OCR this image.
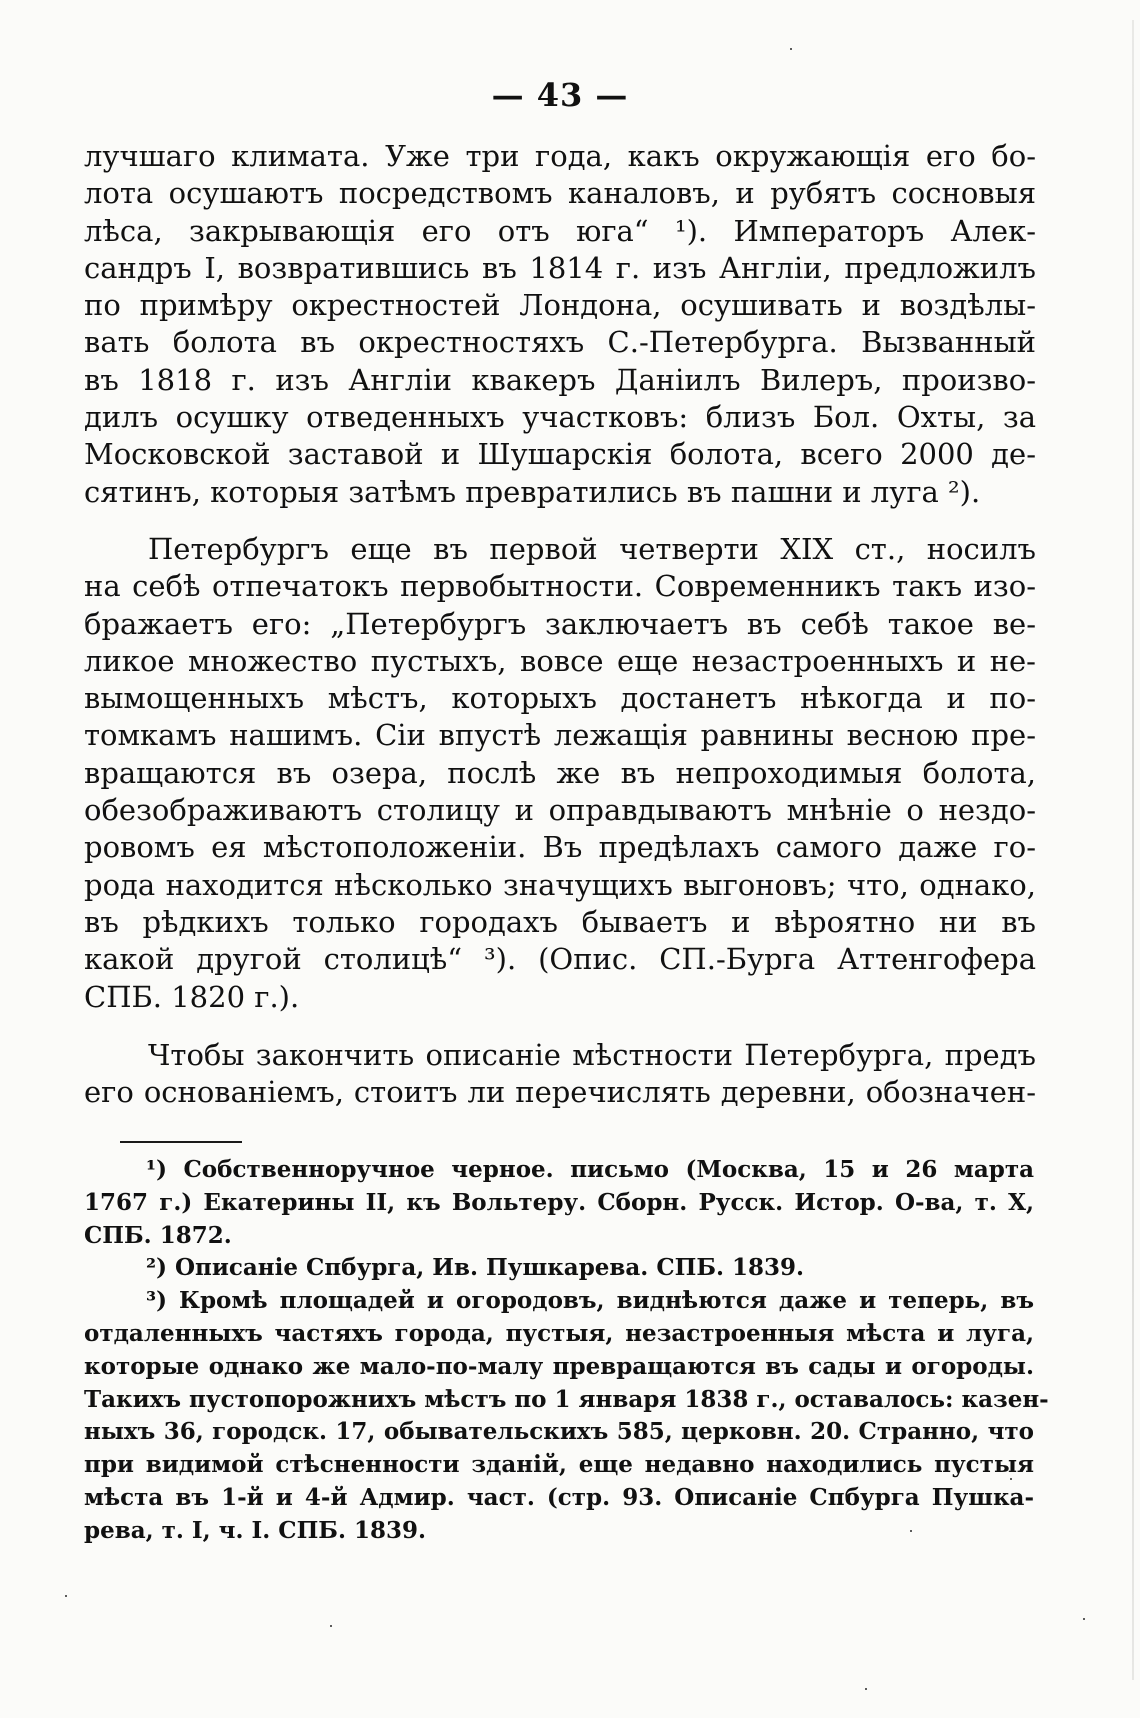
— 43 —
лучшаго климата. Уже три года, какъ окружающія его бо-
лота осушаютъ посредствомъ каналовъ, и рубятъ сосновыя
лѣса, закрывающія его отъ юга“ ¹). Императоръ Алек-
сандръ I, возвратившись въ 1814 г. изъ Англіи, предложилъ
по примѣру окрестностей Лондона, осушивать и воздѣлы-
вать болота въ окрестностяхъ С.-Петербурга. Вызванный
въ 1818 г. изъ Англіи квакеръ Даніилъ Вилеръ, произво-
дилъ осушку отведенныхъ участковъ: близъ Бол. Охты, за
Московской заставой и Шушарскія болота, всего 2000 де-
сятинъ, которыя затѣмъ превратились въ пашни и луга ²).
Петербургъ еще въ первой четверти XIX ст., носилъ
на себѣ отпечатокъ первобытности. Современникъ такъ изо-
бражаетъ его: „Петербургъ заключаетъ въ себѣ такое ве-
ликое множество пустыхъ, вовсе еще незастроенныхъ и не-
вымощенныхъ мѣстъ, которыхъ достанетъ нѣкогда и по-
томкамъ нашимъ. Сіи впустѣ лежащія равнины весною пре-
вращаются въ озера, послѣ же въ непроходимыя болота,
обезображиваютъ столицу и оправдываютъ мнѣніе о нездо-
ровомъ ея мѣстоположеніи. Въ предѣлахъ самого даже го-
рода находится нѣсколько значущихъ выгоновъ; что, однако,
въ рѣдкихъ только городахъ бываетъ и вѣроятно ни въ
какой другой столицѣ“ ³). (Опис. СП.-Бурга Аттенгофера
СПБ. 1820 г.).
Чтобы закончить описаніе мѣстности Петербурга, предъ
его основаніемъ, стоитъ ли перечислять деревни, обозначен-
¹) Собственноручное черное. письмо (Москва, 15 и 26 марта
1767 г.) Екатерины II, къ Вольтеру. Сборн. Русск. Истор. О-ва, т. X,
СПБ. 1872.
²) Описаніе Спбурга, Ив. Пушкарева. СПБ. 1839.
³) Кромѣ площадей и огородовъ, виднѣются даже и теперь, въ
отдаленныхъ частяхъ города, пустыя, незастроенныя мѣста и луга,
которые однако же мало-по-малу превращаются въ сады и огороды.
Такихъ пустопорожнихъ мѣстъ по 1 января 1838 г., оставалось: казен-
ныхъ 36, городск. 17, обывательскихъ 585, церковн. 20. Странно, что
при видимой стѣсненности зданій, еще недавно находились пустыя
мѣста въ 1-й и 4-й Адмир. част. (стр. 93. Описаніе Спбурга Пушка-
рева, т. I, ч. I. СПБ. 1839.
